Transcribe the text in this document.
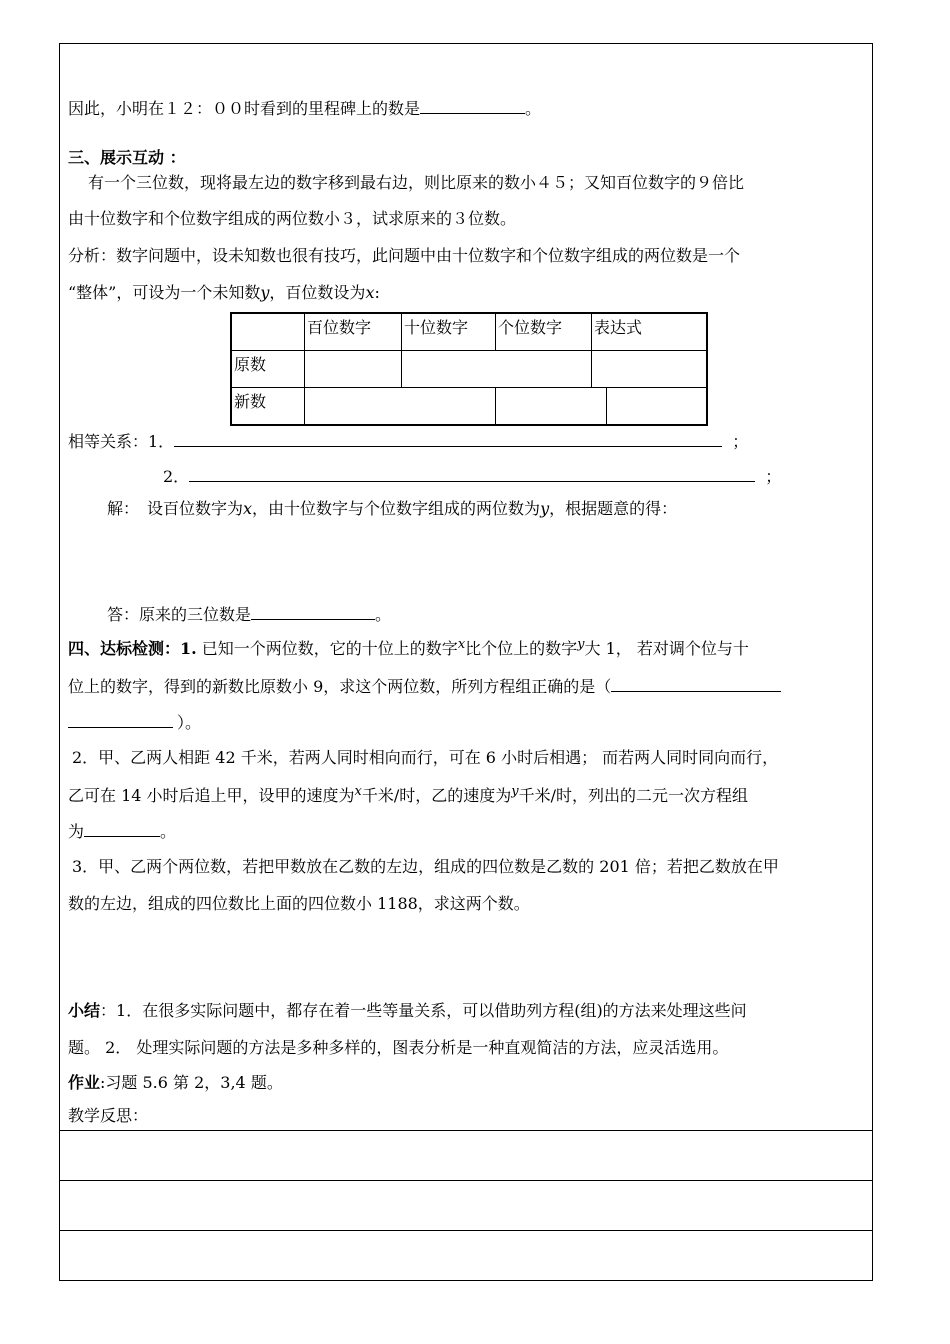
因此，小明在１２：００时看到的里程碑上的数是	。
三、展示互动 ：
有一个三位数，现将最左边的数字移到最右边，则比原来的数小４５；又知百位数字的９倍比
由十位数字和个位数字组成的两位数小３，试求原来的３位数。
分析：数字问题中，设未知数也很有技巧，此问题中由十位数字和个位数字组成的两位数是一个
“整体”，可设为一个未知数y，百位数设为x:
	百位数字	十位数字	个位数字	表达式
原数				
新数				
相等关系：1．	；
2．	；
解：　设百位数字为x，由十位数字与个位数字组成的两位数为y，根据题意的得：
答：原来的三位数是	。
四、达标检测：1. 已知一个两位数，它的十位上的数字$^x$比个位上的数字$^y$大 1， 若对调个位与十
位上的数字，得到的新数比原数小 9，求这个两位数，所列方程组正确的是（
）。
2．甲、乙两人相距 42 千米，若两人同时相向而行，可在 6 小时后相遇； 而若两人同时同向而行，
乙可在 14 小时后追上甲，设甲的速度为$^x$千米/时，乙的速度为$^y$千米/时，列出的二元一次方程组
为	。
3．甲、乙两个两位数，若把甲数放在乙数的左边，组成的四位数是乙数的 201 倍；若把乙数放在甲
数的左边，组成的四位数比上面的四位数小 1188，求这两个数。
小结：1．在很多实际问题中，都存在着一些等量关系，可以借助列方程(组)的方法来处理这些问
题。 2． 处理实际问题的方法是多种多样的，图表分析是一种直观简洁的方法，应灵活选用。
作业:习题 5.6 第 2，3,4 题。
教学反思：
